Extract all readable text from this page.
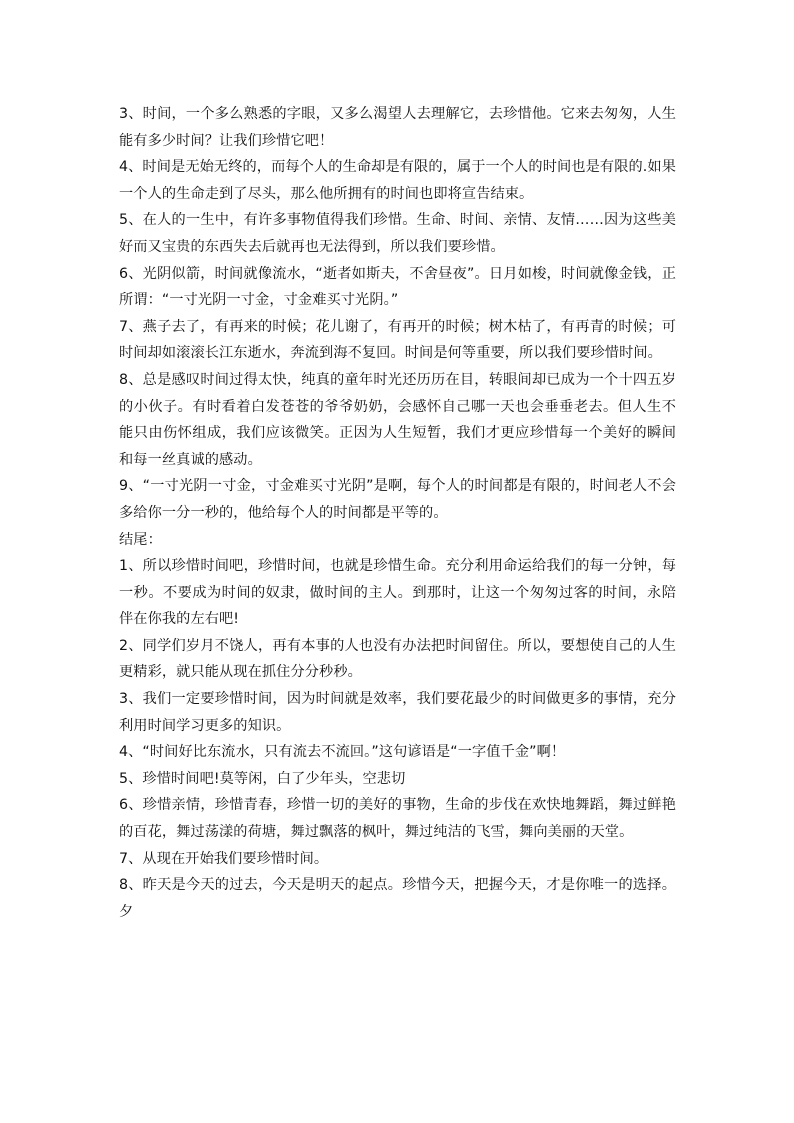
3、时间，一个多么熟悉的字眼，又多么渴望人去理解它，去珍惜他。它来去匆匆，人生能有多少时间？让我们珍惜它吧！

4、时间是无始无终的，而每个人的生命却是有限的，属于一个人的时间也是有限的.如果一个人的生命走到了尽头，那么他所拥有的时间也即将宣告结束。

5、在人的一生中，有许多事物值得我们珍惜。生命、时间、亲情、友情……因为这些美好而又宝贵的东西失去后就再也无法得到，所以我们要珍惜。

6、光阴似箭，时间就像流水，“逝者如斯夫，不舍昼夜”。日月如梭，时间就像金钱，正所谓：“一寸光阴一寸金，寸金难买寸光阴。”

7、燕子去了，有再来的时候；花儿谢了，有再开的时候；树木枯了，有再青的时候；可时间却如滚滚长江东逝水，奔流到海不复回。时间是何等重要，所以我们要珍惜时间。

8、总是感叹时间过得太快，纯真的童年时光还历历在目，转眼间却已成为一个十四五岁的小伙子。有时看着白发苍苍的爷爷奶奶，会感怀自己哪一天也会垂垂老去。但人生不能只由伤怀组成，我们应该微笑。正因为人生短暂，我们才更应珍惜每一个美好的瞬间和每一丝真诚的感动。

9、“一寸光阴一寸金，寸金难买寸光阴”是啊，每个人的时间都是有限的，时间老人不会多给你一分一秒的，他给每个人的时间都是平等的。

结尾：

1、所以珍惜时间吧，珍惜时间，也就是珍惜生命。充分利用命运给我们的每一分钟，每一秒。不要成为时间的奴隶，做时间的主人。到那时，让这一个匆匆过客的时间，永陪伴在你我的左右吧!

2、同学们岁月不饶人，再有本事的人也没有办法把时间留住。所以，要想使自己的人生更精彩，就只能从现在抓住分分秒秒。

3、我们一定要珍惜时间，因为时间就是效率，我们要花最少的时间做更多的事情，充分利用时间学习更多的知识。

4、“时间好比东流水，只有流去不流回。”这句谚语是“一字值千金”啊！

5、珍惜时间吧!莫等闲，白了少年头，空悲切

6、珍惜亲情，珍惜青春，珍惜一切的美好的事物，生命的步伐在欢快地舞蹈，舞过鲜艳的百花，舞过荡漾的荷塘，舞过飘落的枫叶，舞过纯洁的飞雪，舞向美丽的天堂。

7、从现在开始我们要珍惜时间。

8、昨天是今天的过去，今天是明天的起点。珍惜今天，把握今天，才是你唯一的选择。夕
